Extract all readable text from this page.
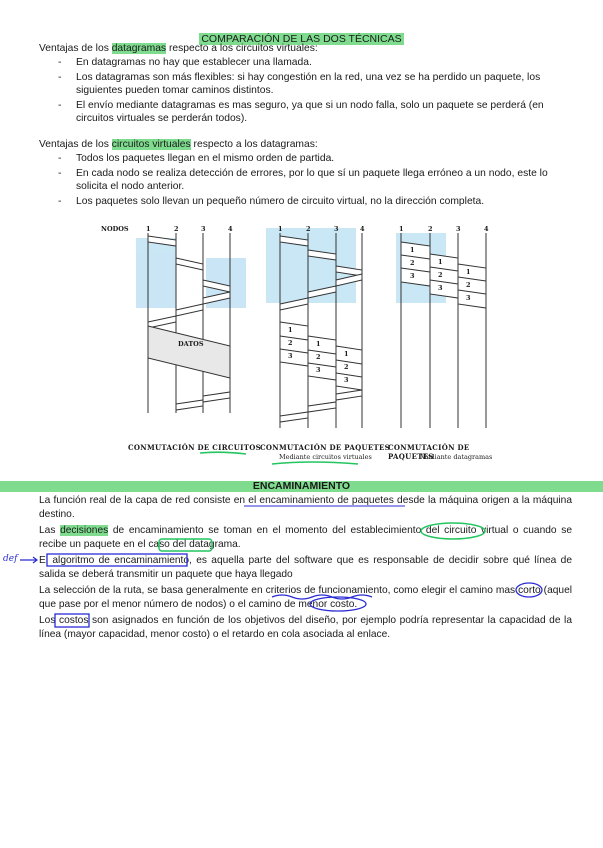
COMPARACIÓN DE LAS DOS TÉCNICAS
Ventajas de los datagramas respecto a los circuitos virtuales:
- En datagramas no hay que establecer una llamada.
- Los datagramas son más flexibles: si hay congestión en la red, una vez se ha perdido un paquete, los siguientes pueden tomar caminos distintos.
- El envío mediante datagramas es mas seguro, ya que si un nodo falla, solo un paquete se perderá (en circuitos virtuales se perderán todos).
Ventajas de los circuitos virtuales respecto a los datagramas:
- Todos los paquetes llegan en el mismo orden de partida.
- En cada nodo se realiza detección de errores, por lo que sí un paquete llega erróneo a un nodo, este lo solicita el nodo anterior.
- Los paquetes solo llevan un pequeño número de circuito virtual, no la dirección completa.
NODOS	1	2	3	4	1	2	3	4	1	2	3	4
DATOS
1
2
3
1
2
3
1
2
3
1
2
3
1
2
3
1
2
3
CONMUTACIÓN DE CIRCUITOS CONMUTACIÓN DE PAQUETES
Mediante circuitos virtuales
CONMUTACIÓN DE PAQUETES
Mediante datagramas
ENCAMINAMIENTO
La función real de la capa de red consiste en el encaminamiento de paquetes desde la máquina origen a la máquina destino.
Las decisiones de encaminamiento se toman en el momento del establecimiento del circuito virtual o cuando se recibe un paquete en el caso del datagrama.
El algoritmo de encaminamiento, es aquella parte del software que es responsable de decidir sobre qué línea de salida se deberá transmitir un paquete que haya llegado
La selección de la ruta, se basa generalmente en criterios de funcionamiento, como elegir el camino mas corto (aquel que pase por el menor número de nodos) o el camino de menor costo.
Los costos son asignados en función de los objetivos del diseño, por ejemplo podría representar la capacidad de la línea (mayor capacidad, menor costo) o el retardo en cola asociada al enlace.
def
